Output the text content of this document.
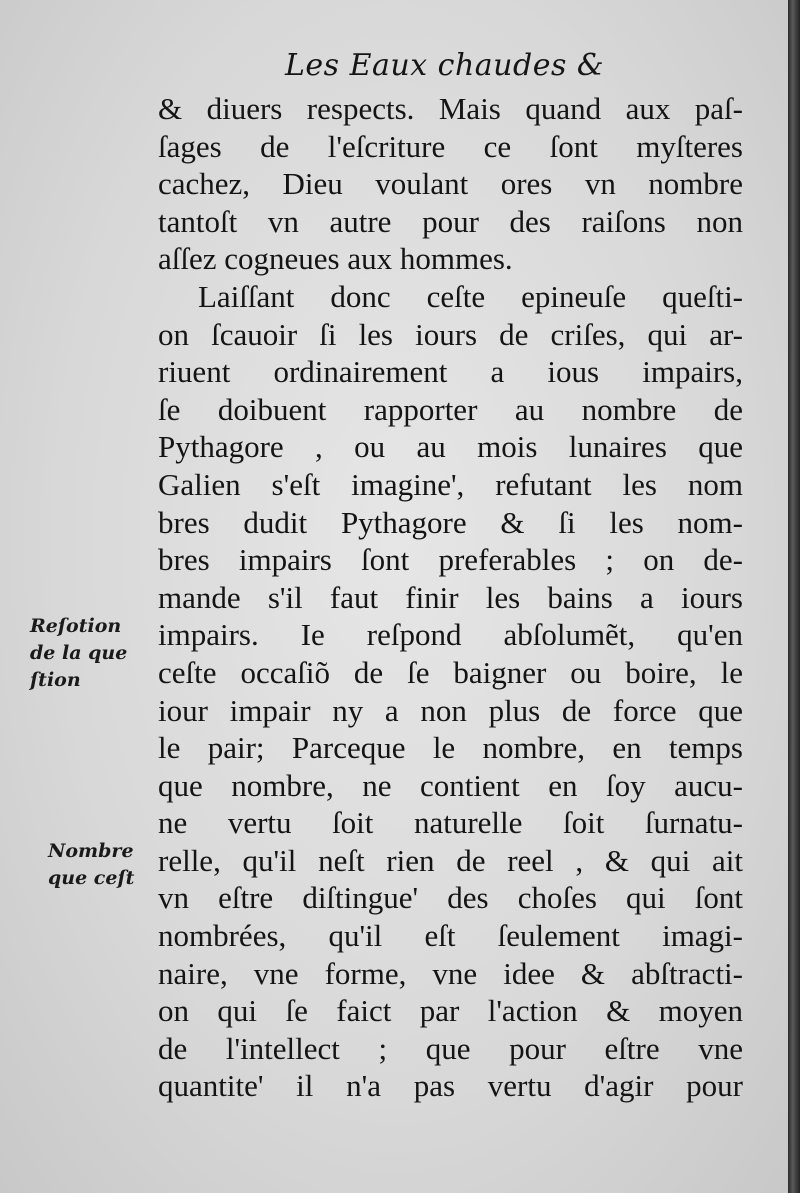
Les Eaux chaudes &
& diuers respects. Mais quand aux paſ-
ſages de l'eſcriture ce ſont myſteres
cachez, Dieu voulant ores vn nombre
tantoſt vn autre pour des raiſons non
aſſez cogneues aux hommes.
Laiſſant donc ceſte epineuſe queſti-
on ſcauoir ſi les iours de criſes, qui ar-
riuent ordinairement a ious impairs,
ſe doibuent rapporter au nombre de
Pythagore , ou au mois lunaires que
Galien s'eſt imagine', refutant les nom
bres dudit Pythagore & ſi les nom-
bres impairs ſont preferables ; on de-
mande s'il faut finir les bains a iours
impairs. Ie reſpond abſolumẽt, qu'en
ceſte occaſiõ de ſe baigner ou boire, le
iour impair ny a non plus de force que
le pair; Parceque le nombre, en temps
que nombre, ne contient en ſoy aucu-
ne vertu ſoit naturelle ſoit ſurnatu-
relle, qu'il neſt rien de reel , & qui ait
vn eſtre diſtingue' des choſes qui ſont
nombrées, qu'il eſt ſeulement imagi-
naire, vne forme, vne idee & abſtracti-
on qui ſe faict par l'action & moyen
de l'intellect ; que pour eſtre vne
quantite' il n'a pas vertu d'agir pour
Reſotion
de la que
ſtion
Nombre
que ceſt
